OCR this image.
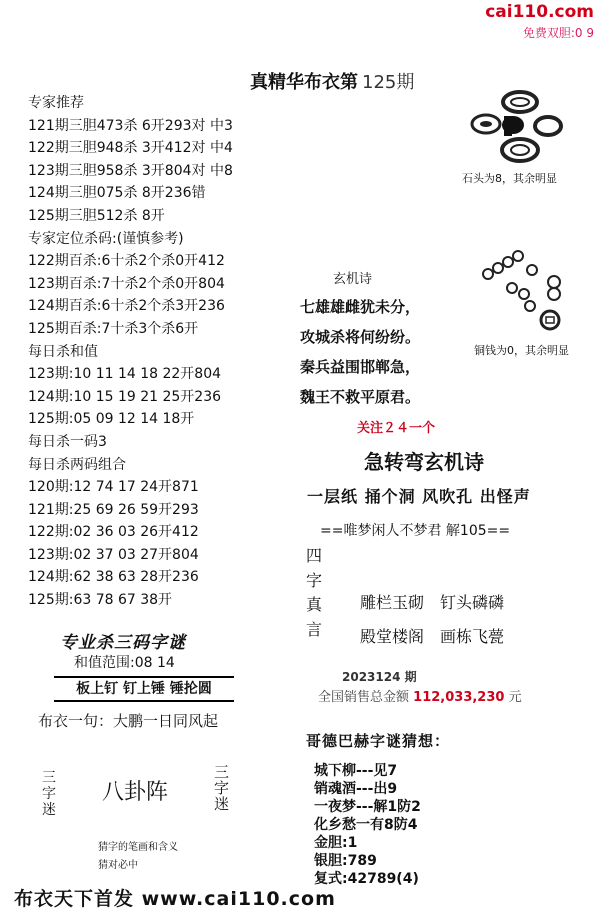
cai110.com
免费双胆:0 9
真精华布衣第 125期
专家推荐
121期三胆473杀 6开293对 中3
122期三胆948杀 3开412对 中4
123期三胆958杀 3开804对 中8
124期三胆075杀 8开236错
125期三胆512杀 8开
专家定位杀码:(谨慎参考)
122期百杀:6十杀2个杀0开412
123期百杀:7十杀2个杀0开804
124期百杀:6十杀2个杀3开236
125期百杀:7十杀3个杀6开
每日杀和值
123期:10 11 14 18 22开804
124期:10 15 19 21 25开236
125期:05 09 12 14 18开
每日杀一码3
每日杀两码组合
120期:12 74 17 24开871
121期:25 69 26 59开293
122期:02 36 03 26开412
123期:02 37 03 27开804
124期:62 38 63 28开236
125期:63 78 67 38开
专业杀三码字谜
和值范围:08 14
板上钉 钉上锤 锤抡圆
布衣一句：大鹏一日同风起
三字迷
八卦阵
三字迷
猜字的笔画和含义
猜对必中
布衣天下首发 www.cai110.com
石头为8，其余明显
铜钱为0，其余明显
玄机诗
七雄雄雌犹未分，
攻城杀将何纷纷。
秦兵益围邯郸急，
魏王不救平原君。
关注２４一个
急转弯玄机诗
一层纸 捅个洞 风吹孔 出怪声
==唯梦闲人不梦君 解105==
四
字
真
言
雕栏玉砌　钉头磷磷
殿堂楼阁　画栋飞甍
2023124 期
全国销售总金额 112,033,230 元
哥德巴赫字谜猜想：
城下柳---见7
销魂酒---出9
一夜梦---解1防2
化乡愁一有8防4
金胆:1
银胆:789
复式:42789(4)
